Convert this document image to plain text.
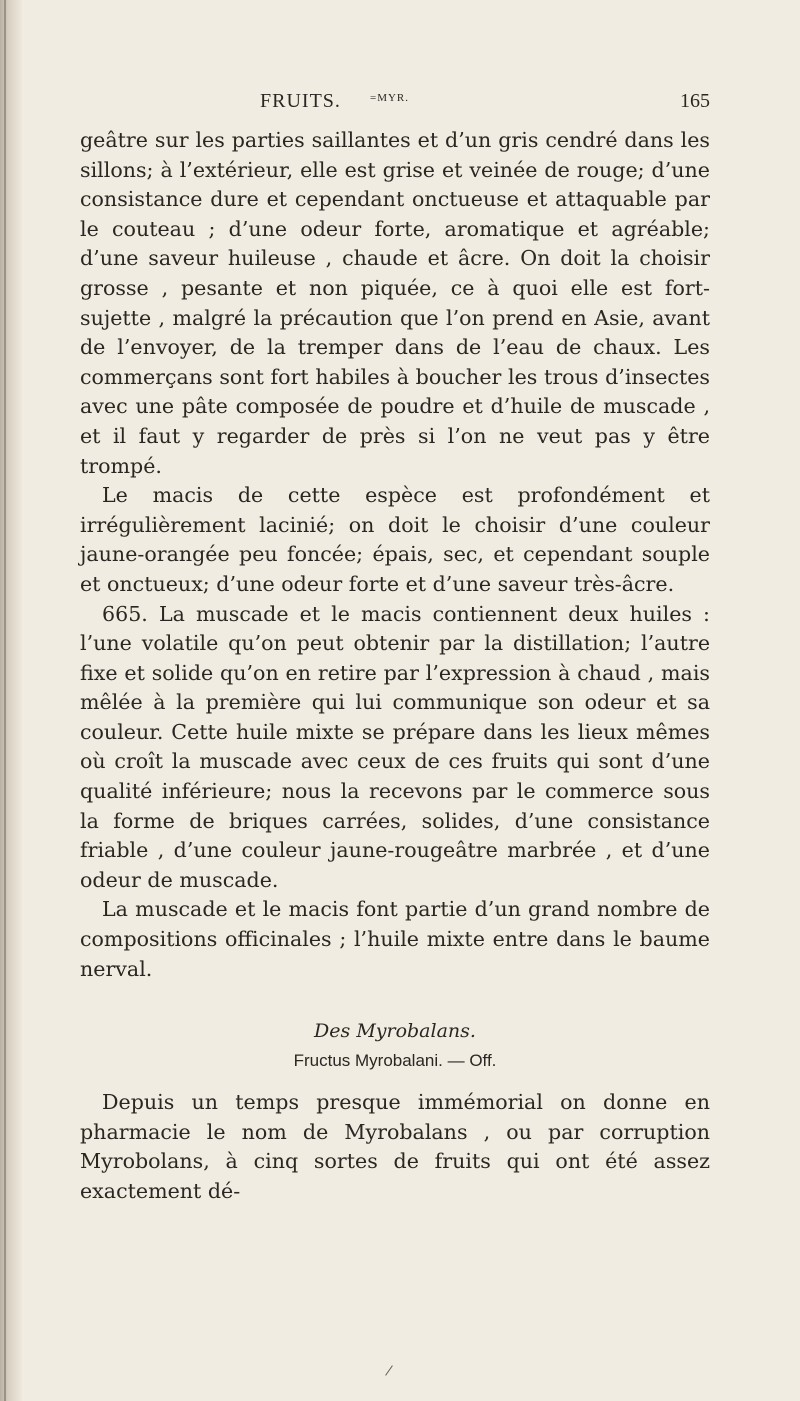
FRUITS.	=MYR.	165

geâtre sur les parties saillantes et d’un gris cendré dans les sillons; à l’extérieur, elle est grise et veinée de rouge; d’une consistance dure et cependant onctueuse et attaquable par le couteau ; d’une odeur forte, aromatique et agréable; d’une saveur huileuse , chaude et âcre. On doit la choisir grosse , pesante et non piquée, ce à quoi elle est fort-sujette , malgré la précaution que l’on prend en Asie, avant de l’envoyer, de la tremper dans de l’eau de chaux. Les commerçans sont fort habiles à boucher les trous d’insectes avec une pâte composée de poudre et d’huile de muscade , et il faut y regarder de près si l’on ne veut pas y être trompé.

Le macis de cette espèce est profondément et irrégulièrement lacinié; on doit le choisir d’une couleur jaune-orangée peu foncée; épais, sec, et cependant souple et onctueux; d’une odeur forte et d’une saveur très-âcre.

665. La muscade et le macis contiennent deux huiles : l’une volatile qu’on peut obtenir par la distillation; l’autre fixe et solide qu’on en retire par l’expression à chaud , mais mêlée à la première qui lui communique son odeur et sa couleur. Cette huile mixte se prépare dans les lieux mêmes où croît la muscade avec ceux de ces fruits qui sont d’une qualité inférieure; nous la recevons par le commerce sous la forme de briques carrées, solides, d’une consistance friable , d’une couleur jaune-rougeâtre marbrée , et d’une odeur de muscade.

La muscade et le macis font partie d’un grand nombre de compositions officinales ; l’huile mixte entre dans le baume nerval.

Des Myrobalans.
Fructus Myrobalani. — Off.

Depuis un temps presque immémorial on donne en pharmacie le nom de Myrobalans , ou par corruption Myrobolans, à cinq sortes de fruits qui ont été assez exactement dé-
